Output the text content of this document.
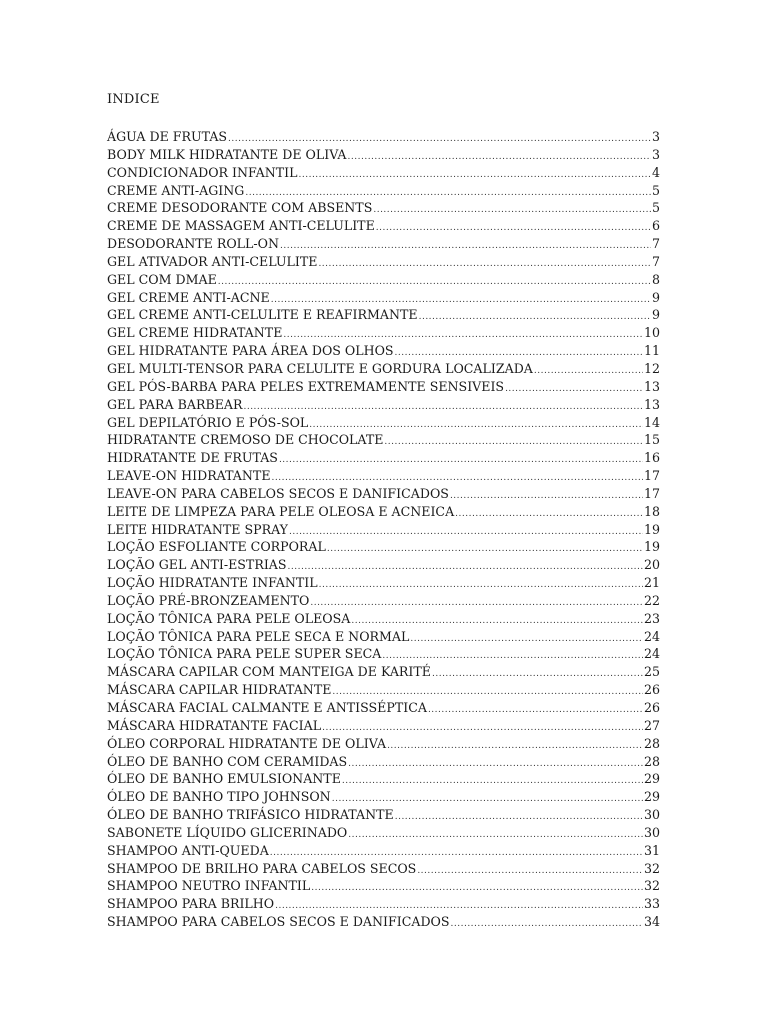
INDICE
ÁGUA DE FRUTAS .....	3
BODY MILK HIDRATANTE DE OLIVA .....	3
CONDICIONADOR INFANTIL .....	4
CREME ANTI-AGING .....	5
CREME DESODORANTE COM ABSENTS .....	5
CREME DE MASSAGEM ANTI-CELULITE .....	6
DESODORANTE ROLL-ON .....	7
GEL ATIVADOR ANTI-CELULITE .....	7
GEL COM DMAE .....	8
GEL CREME ANTI-ACNE .....	9
GEL CREME ANTI-CELULITE E REAFIRMANTE .....	9
GEL CREME HIDRATANTE .....	10
GEL HIDRATANTE PARA ÁREA DOS OLHOS .....	11
GEL MULTI-TENSOR PARA CELULITE E GORDURA LOCALIZADA .....	12
GEL PÓS-BARBA PARA PELES EXTREMAMENTE SENSIVEIS .....	13
GEL PARA BARBEAR .....	13
GEL DEPILATÓRIO E PÓS-SOL .....	14
HIDRATANTE CREMOSO DE CHOCOLATE .....	15
HIDRATANTE DE FRUTAS .....	16
LEAVE-ON HIDRATANTE .....	17
LEAVE-ON PARA CABELOS SECOS E DANIFICADOS .....	17
LEITE DE LIMPEZA PARA PELE OLEOSA E ACNEICA .....	18
LEITE HIDRATANTE SPRAY .....	19
LOÇÃO ESFOLIANTE CORPORAL .....	19
LOÇÃO GEL ANTI-ESTRIAS .....	20
LOÇÃO HIDRATANTE INFANTIL .....	21
LOÇÃO PRÉ-BRONZEAMENTO .....	22
LOÇÃO TÔNICA PARA PELE OLEOSA .....	23
LOÇÃO TÔNICA PARA PELE SECA E NORMAL .....	24
LOÇÃO TÔNICA PARA PELE SUPER SECA .....	24
MÁSCARA CAPILAR COM MANTEIGA DE KARITÉ .....	25
MÁSCARA CAPILAR HIDRATANTE .....	26
MÁSCARA FACIAL CALMANTE E ANTISSÉPTICA .....	26
MÁSCARA HIDRATANTE FACIAL .....	27
ÓLEO CORPORAL HIDRATANTE DE OLIVA .....	28
ÓLEO DE BANHO COM CERAMIDAS .....	28
ÓLEO DE BANHO EMULSIONANTE .....	29
ÓLEO DE BANHO TIPO JOHNSON .....	29
ÓLEO DE BANHO TRIFÁSICO HIDRATANTE .....	30
SABONETE LÍQUIDO GLICERINADO .....	30
SHAMPOO ANTI-QUEDA .....	31
SHAMPOO DE BRILHO PARA CABELOS SECOS .....	32
SHAMPOO NEUTRO INFANTIL .....	32
SHAMPOO PARA BRILHO .....	33
SHAMPOO PARA CABELOS SECOS E DANIFICADOS .....	34
